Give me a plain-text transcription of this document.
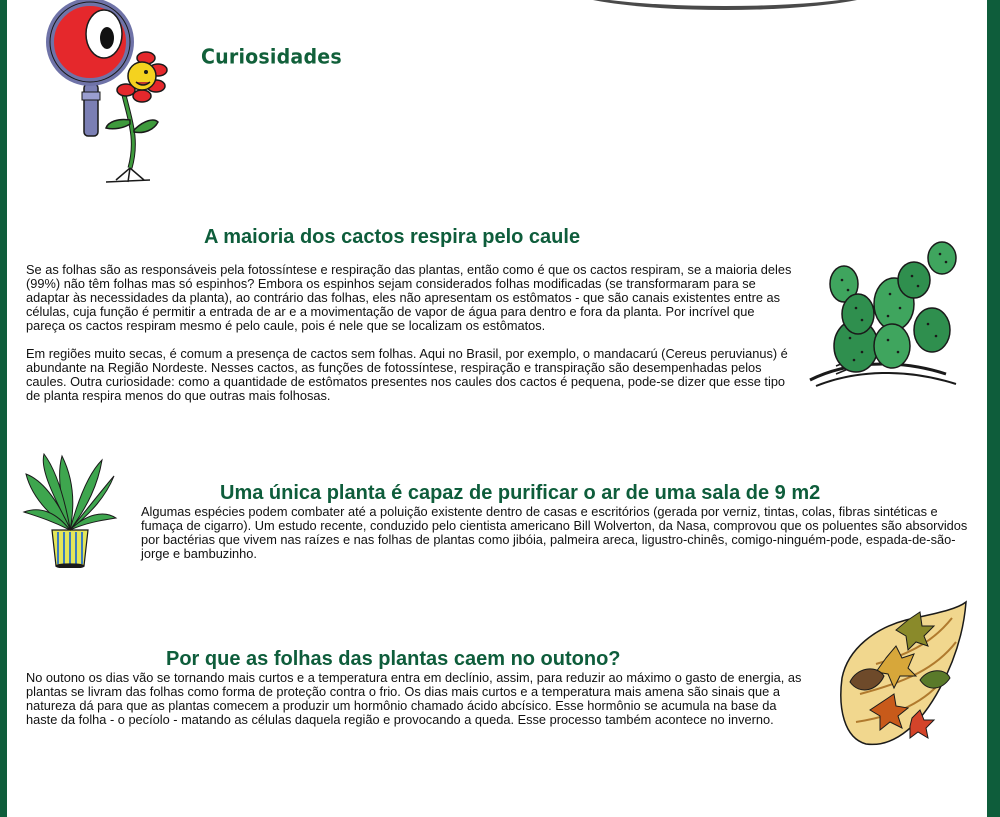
Curiosidades
A maioria dos cactos respira pelo caule

Se as folhas são as responsáveis pela fotossíntese e respiração das plantas, então como é que os cactos respiram, se a maioria deles (99%) não têm folhas mas só espinhos? Embora os espinhos sejam considerados folhas modificadas (se transformaram para se adaptar às necessidades da planta), ao contrário das folhas, eles não apresentam os estômatos - que são canais existentes entre as células, cuja função é permitir a entrada de ar e a movimentação de vapor de água para dentro e fora da planta. Por incrível que pareça os cactos respiram mesmo é pelo caule, pois é nele que se localizam os estômatos.

Em regiões muito secas, é comum a presença de cactos sem folhas. Aqui no Brasil, por exemplo, o mandacarú (Cereus peruvianus) é abundante na Região Nordeste. Nesses cactos, as funções de fotossíntese, respiração e transpiração são desempenhadas pelos caules. Outra curiosidade: como a quantidade de estômatos presentes nos caules dos cactos é pequena, pode-se dizer que esse tipo de planta respira menos do que outras mais folhosas.

Uma única planta é capaz de purificar o ar de uma sala de 9 m2

Algumas espécies podem combater até a poluição existente dentro de casas e escritórios (gerada por verniz, tintas, colas, fibras sintéticas e fumaça de cigarro). Um estudo recente, conduzido pelo cientista americano Bill Wolverton, da Nasa, comprovou que os poluentes são absorvidos por bactérias que vivem nas raízes e nas folhas de plantas como jibóia, palmeira areca, ligustro-chinês, comigo-ninguém-pode, espada-de-são-jorge e bambuzinho.

Por que as folhas das plantas caem no outono?

No outono os dias vão se tornando mais curtos e a temperatura entra em declínio, assim, para reduzir ao máximo o gasto de energia, as plantas se livram das folhas como forma de proteção contra o frio. Os dias mais curtos e a temperatura mais amena são sinais que a natureza dá para que as plantas comecem a produzir um hormônio chamado ácido abcísico. Esse hormônio se acumula na base da haste da folha - o pecíolo - matando as células daquela região e provocando a queda. Esse processo também acontece no inverno.
